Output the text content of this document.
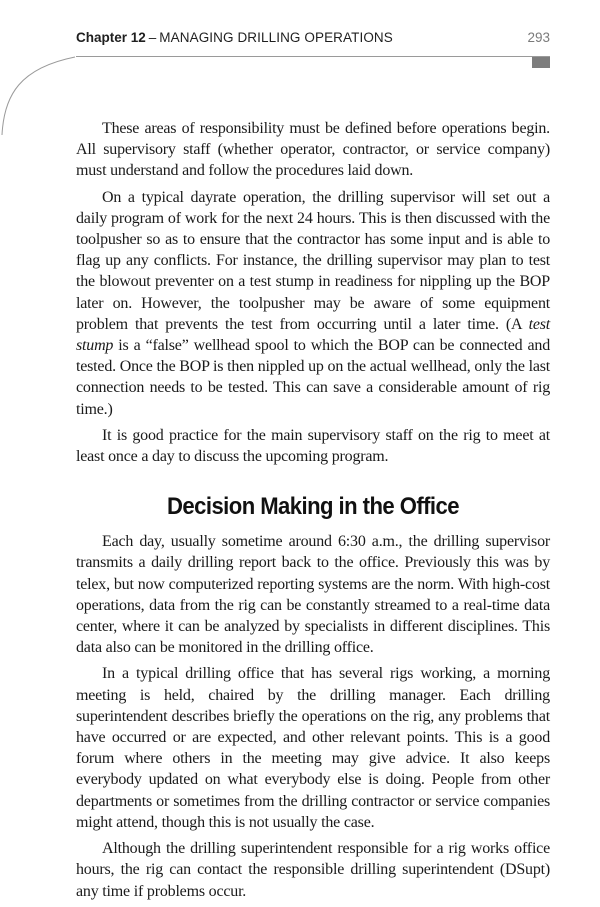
Chapter 12 – MANAGING DRILLING OPERATIONS	293

These areas of responsibility must be defined before operations begin. All supervisory staff (whether operator, contractor, or service company) must understand and follow the procedures laid down.

On a typical dayrate operation, the drilling supervisor will set out a daily program of work for the next 24 hours. This is then discussed with the toolpusher so as to ensure that the contractor has some input and is able to flag up any conflicts. For instance, the drilling supervisor may plan to test the blowout preventer on a test stump in readiness for nippling up the BOP later on. However, the toolpusher may be aware of some equipment problem that prevents the test from occurring until a later time. (A test stump is a “false” wellhead spool to which the BOP can be connected and tested. Once the BOP is then nippled up on the actual wellhead, only the last connection needs to be tested. This can save a considerable amount of rig time.)

It is good practice for the main supervisory staff on the rig to meet at least once a day to discuss the upcoming program.

Decision Making in the Office

Each day, usually sometime around 6:30 a.m., the drilling supervisor transmits a daily drilling report back to the office. Previously this was by telex, but now computerized reporting systems are the norm. With high-cost operations, data from the rig can be constantly streamed to a real-time data center, where it can be analyzed by specialists in different disciplines. This data also can be monitored in the drilling office.

In a typical drilling office that has several rigs working, a morning meeting is held, chaired by the drilling manager. Each drilling superintendent describes briefly the operations on the rig, any problems that have occurred or are expected, and other relevant points. This is a good forum where others in the meeting may give advice. It also keeps everybody updated on what everybody else is doing. People from other departments or sometimes from the drilling contractor or service companies might attend, though this is not usually the case.

Although the drilling superintendent responsible for a rig works office hours, the rig can contact the responsible drilling superintendent (DSupt) any time if problems occur.
